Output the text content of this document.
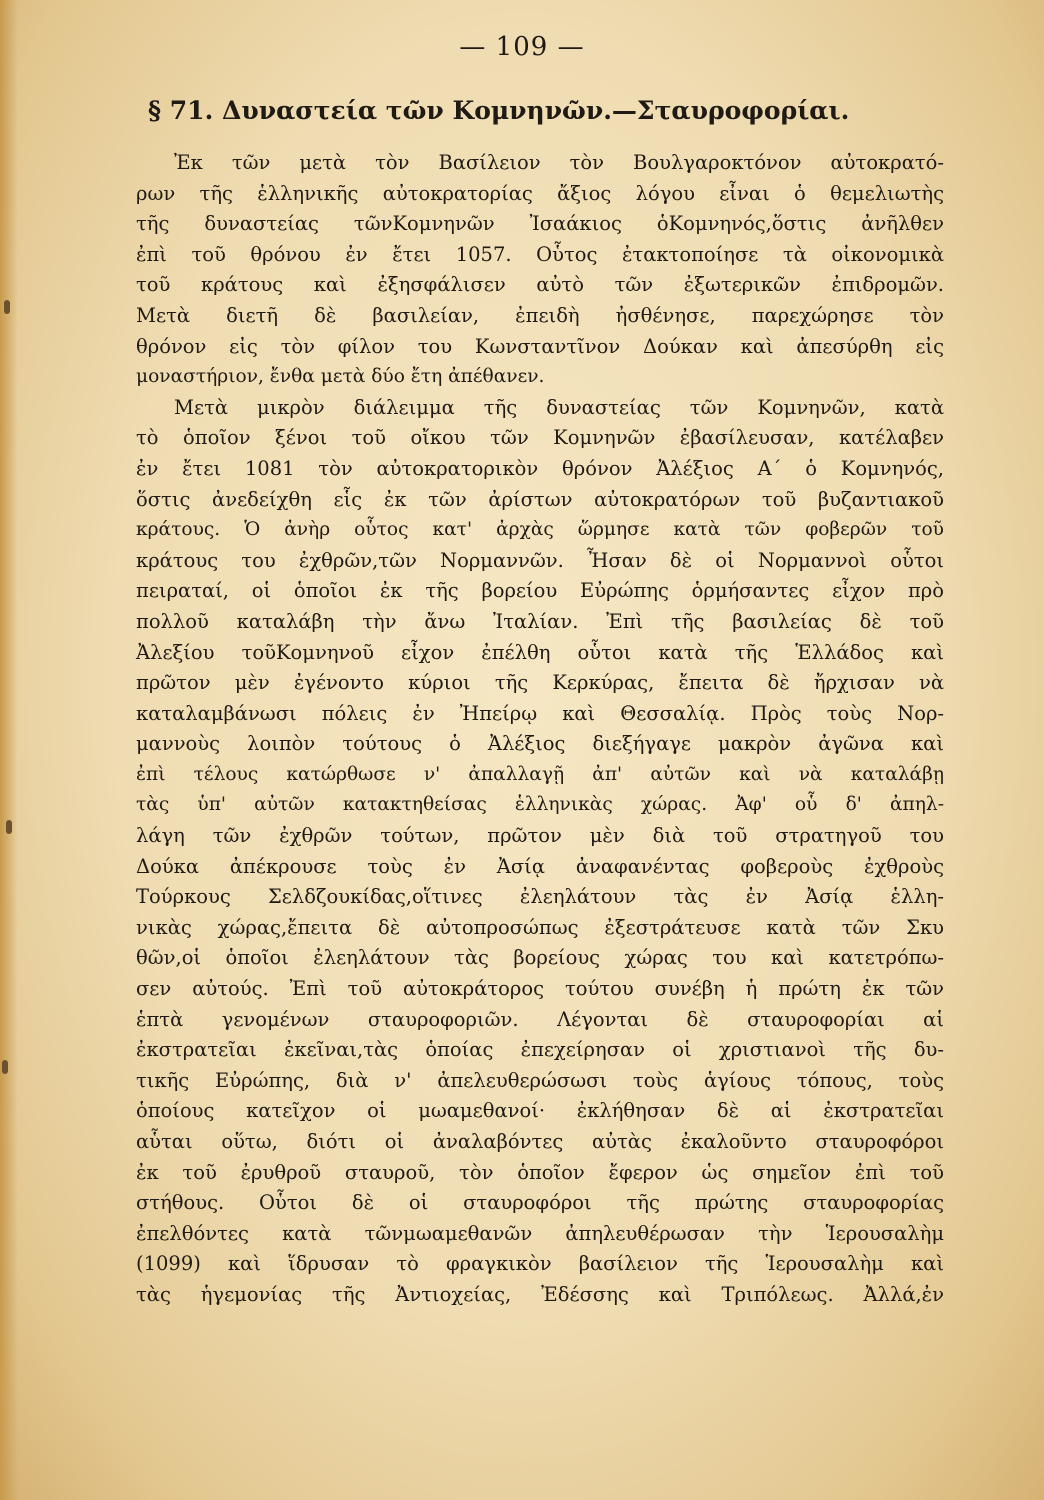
— 109 —
§ 71. Δυναστεία τῶν Κομνηνῶν.—Σταυροφορίαι.
Ἐκ τῶν μετὰ τὸν Βασίλειον τὸν Βουλγαροκτόνον αὐτοκρατό-
ρων τῆς ἑλληνικῆς αὐτοκρατορίας ἄξιος λόγου εἶναι ὁ θεμελιωτὴς
τῆς δυναστείας τῶνΚομνηνῶν Ἰσαάκιος ὁΚομνηνός,ὅστις ἀνῆλθεν
ἐπὶ τοῦ θρόνου ἐν ἔτει 1057. Οὗτος ἐτακτοποίησε τὰ οἰκονομικὰ
τοῦ κράτους καὶ ἐξησφάλισεν αὐτὸ τῶν ἐξωτερικῶν ἐπιδρομῶν.
Μετὰ διετῆ δὲ βασιλείαν, ἐπειδὴ ἠσθένησε, παρεχώρησε τὸν
θρόνον εἰς τὸν φίλον του Κωνσταντῖνον Δούκαν καὶ ἀπεσύρθη εἰς
μοναστήριον, ἔνθα μετὰ δύο ἔτη ἀπέθανεν.
Μετὰ μικρὸν διάλειμμα τῆς δυναστείας τῶν Κομνηνῶν, κατὰ
τὸ ὁποῖον ξένοι τοῦ οἴκου τῶν Κομνηνῶν ἐβασίλευσαν, κατέλαβεν
ἐν ἔτει 1081 τὸν αὐτοκρατορικὸν θρόνον Ἀλέξιος Α΄ ὁ Κομνηνός,
ὅστις ἀνεδείχθη εἷς ἐκ τῶν ἀρίστων αὐτοκρατόρων τοῦ βυζαντιακοῦ
κράτους. Ὁ ἀνὴρ οὗτος κατ' ἀρχὰς ὥρμησε κατὰ τῶν φοβερῶν τοῦ
κράτους του ἐχθρῶν,τῶν Νορμαννῶν. Ἦσαν δὲ οἱ Νορμαννοὶ οὗτοι
πειραταί, οἱ ὁποῖοι ἐκ τῆς βορείου Εὐρώπης ὁρμήσαντες εἶχον πρὸ
πολλοῦ καταλάβη τὴν ἄνω Ἰταλίαν. Ἐπὶ τῆς βασιλείας δὲ τοῦ
Ἀλεξίου τοῦΚομνηνοῦ εἶχον ἐπέλθη οὗτοι κατὰ τῆς Ἑλλάδος καὶ
πρῶτον μὲν ἐγένοντο κύριοι τῆς Κερκύρας, ἔπειτα δὲ ἤρχισαν νὰ
καταλαμβάνωσι πόλεις ἐν Ἠπείρῳ καὶ Θεσσαλίᾳ. Πρὸς τοὺς Νορ-
μαννοὺς λοιπὸν τούτους ὁ Ἀλέξιος διεξήγαγε μακρὸν ἀγῶνα καὶ
ἐπὶ τέλους κατώρθωσε ν' ἀπαλλαγῇ ἀπ' αὐτῶν καὶ νὰ καταλάβῃ
τὰς ὑπ' αὐτῶν κατακτηθείσας ἑλληνικὰς χώρας. Ἀφ' οὗ δ' ἀπηλ-
λάγη τῶν ἐχθρῶν τούτων, πρῶτον μὲν διὰ τοῦ στρατηγοῦ του
Δούκα ἀπέκρουσε τοὺς ἐν Ἀσίᾳ ἀναφανέντας φοβεροὺς ἐχθροὺς
Τούρκους Σελδζουκίδας,οἵτινες ἐλεηλάτουν τὰς ἐν Ἀσίᾳ ἑλλη-
νικὰς χώρας,ἔπειτα δὲ αὐτοπροσώπως ἐξεστράτευσε κατὰ τῶν Σκυ
θῶν,οἱ ὁποῖοι ἐλεηλάτουν τὰς βορείους χώρας του καὶ κατετρόπω-
σεν αὐτούς. Ἐπὶ τοῦ αὐτοκράτορος τούτου συνέβη ἡ πρώτη ἐκ τῶν
ἑπτὰ γενομένων σταυροφοριῶν. Λέγονται δὲ σταυροφορίαι αἱ
ἐκστρατεῖαι ἐκεῖναι,τὰς ὁποίας ἐπεχείρησαν οἱ χριστιανοὶ τῆς δυ-
τικῆς Εὐρώπης, διὰ ν' ἀπελευθερώσωσι τοὺς ἁγίους τόπους, τοὺς
ὁποίους κατεῖχον οἱ μωαμεθανοί· ἐκλήθησαν δὲ αἱ ἐκστρατεῖαι
αὗται οὕτω, διότι οἱ ἀναλαβόντες αὐτὰς ἐκαλοῦντο σταυροφόροι
ἐκ τοῦ ἐρυθροῦ σταυροῦ, τὸν ὁποῖον ἔφερον ὡς σημεῖον ἐπὶ τοῦ
στήθους. Οὗτοι δὲ οἱ σταυροφόροι τῆς πρώτης σταυροφορίας
ἐπελθόντες κατὰ τῶνμωαμεθανῶν ἀπηλευθέρωσαν τὴν Ἱερουσαλὴμ
(1099) καὶ ἵδρυσαν τὸ φραγκικὸν βασίλειον τῆς Ἱερουσαλὴμ καὶ
τὰς ἡγεμονίας τῆς Ἀντιοχείας, Ἐδέσσης καὶ Τριπόλεως. Ἀλλά,ἐν
